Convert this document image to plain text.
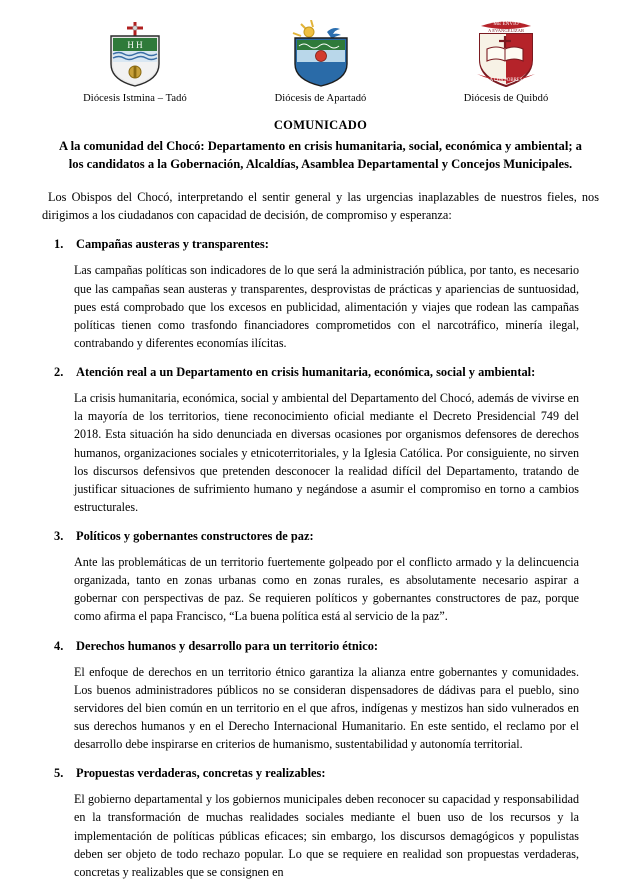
H H
Diócesis Istmina – Tadó	Diócesis de Apartadó
ME ENVIÓ
A EVANGELIZAR
A LOS POBRES
Diócesis de Quibdó
COMUNICADO
A la comunidad del Chocó: Departamento en crisis humanitaria, social, económica y ambiental; a los candidatos a la Gobernación, Alcaldías, Asamblea Departamental y Concejos Municipales.

Los Obispos del Chocó, interpretando el sentir general y las urgencias inaplazables de nuestros fieles, nos dirigimos a los ciudadanos con capacidad de decisión, de compromiso y esperanza:

1.	Campañas austeras y transparentes:

Las campañas políticas son indicadores de lo que será la administración pública, por tanto, es necesario que las campañas sean austeras y transparentes, desprovistas de prácticas y apariencias de suntuosidad, pues está comprobado que los excesos en publicidad, alimentación y viajes que rodean las campañas políticas tienen como trasfondo financiadores comprometidos con el narcotráfico, minería ilegal, contrabando y diferentes economías ilícitas.

2.	Atención real a un Departamento en crisis humanitaria, económica, social y ambiental:

La crisis humanitaria, económica, social y ambiental del Departamento del Chocó, además de vivirse en la mayoría de los territorios, tiene reconocimiento oficial mediante el Decreto Presidencial 749 del 2018. Esta situación ha sido denunciada en diversas ocasiones por organismos defensores de derechos humanos, organizaciones sociales y etnicoterritoriales, y la Iglesia Católica. Por consiguiente, no sirven los discursos defensivos que pretenden desconocer la realidad difícil del Departamento, tratando de justificar situaciones de sufrimiento humano y negándose a asumir el compromiso en torno a cambios estructurales.

3.	Políticos y gobernantes constructores de paz:

Ante las problemáticas de un territorio fuertemente golpeado por el conflicto armado y la delincuencia organizada, tanto en zonas urbanas como en zonas rurales, es absolutamente necesario aspirar a gobernar con perspectivas de paz. Se requieren políticos y gobernantes constructores de paz, porque como afirma el papa Francisco, “La buena política está al servicio de la paz”.

4.	Derechos humanos y desarrollo para un territorio étnico:

El enfoque de derechos en un territorio étnico garantiza la alianza entre gobernantes y comunidades. Los buenos administradores públicos no se consideran dispensadores de dádivas para el pueblo, sino servidores del bien común en un territorio en el que afros, indígenas y mestizos han sido vulnerados en sus derechos humanos y en el Derecho Internacional Humanitario. En este sentido, el reclamo por el desarrollo debe inspirarse en criterios de humanismo, sustentabilidad y autonomía territorial.

5.	Propuestas verdaderas, concretas y realizables:

El gobierno departamental y los gobiernos municipales deben reconocer su capacidad y responsabilidad en la transformación de muchas realidades sociales mediante el buen uso de los recursos y la implementación de políticas públicas eficaces; sin embargo, los discursos demagógicos y populistas deben ser objeto de todo rechazo popular. Lo que se requiere en realidad son propuestas verdaderas, concretas y realizables que se consignen en
